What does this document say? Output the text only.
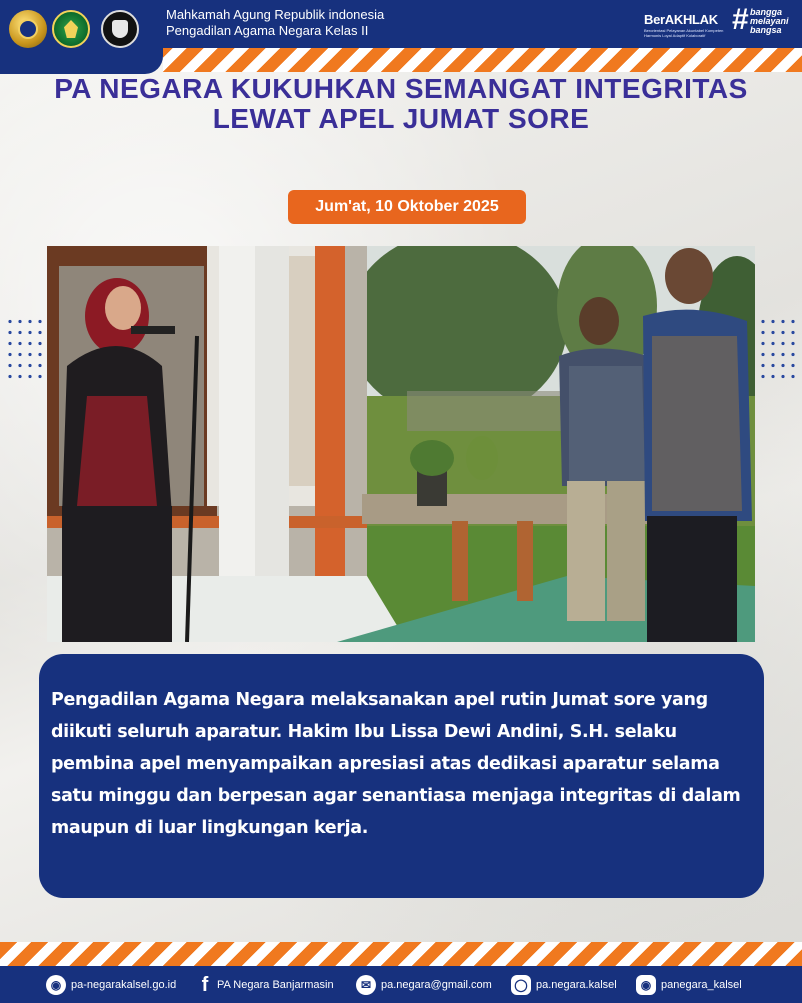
Mahkamah Agung Republik indonesia
Pengadilan Agama Negara Kelas II
BerAKHLAK
Berorientasi Pelayanan Akuntabel Kompeten Harmonis Loyal Adaptif Kolaboratif # bangga
melayani
bangsa
PA NEGARA KUKUHKAN SEMANGAT INTEGRITAS
LEWAT APEL JUMAT SORE
Jum'at, 10 Oktober 2025

Pengadilan Agama Negara melaksanakan apel rutin Jumat sore yang diikuti seluruh aparatur. Hakim Ibu Lissa Dewi Andini, S.H. selaku pembina apel menyampaikan apresiasi atas dedikasi aparatur selama satu minggu dan berpesan agar senantiasa menjaga integritas di dalam maupun di luar lingkungan kerja.

◉ pa-negarakalsel.go.id f PA Negara Banjarmasin	✉ pa.negara@gmail.com ◯ pa.negara.kalsel	◉ panegara_kalsel
